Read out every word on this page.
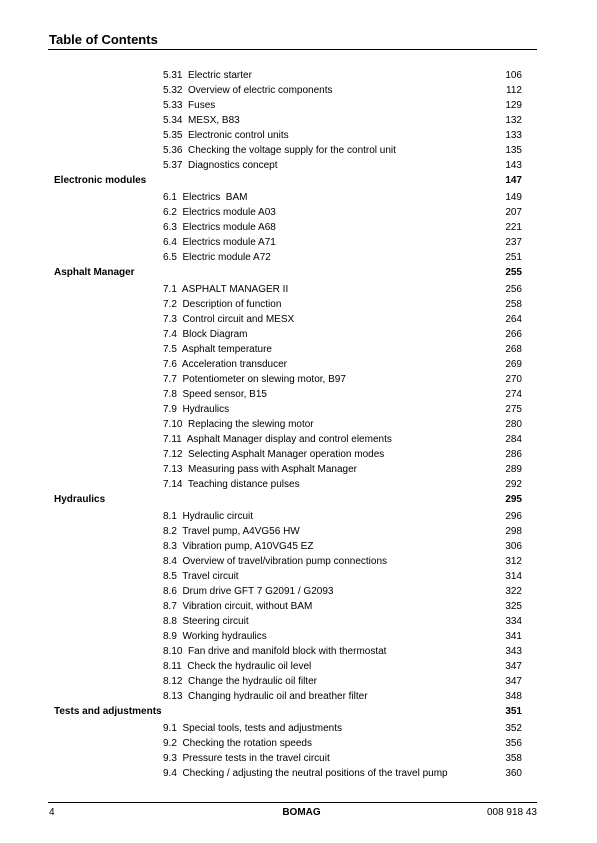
Table of Contents
5.31  Electric starter	106
5.32  Overview of electric components	112
5.33  Fuses	129
5.34  MESX, B83	132
5.35  Electronic control units	133
5.36  Checking the voltage supply for the control unit	135
5.37  Diagnostics concept	143
Electronic modules	147
6.1  Electrics  BAM	149
6.2  Electrics module A03	207
6.3  Electrics module A68	221
6.4  Electrics module A71	237
6.5  Electric module A72	251
Asphalt Manager	255
7.1  ASPHALT MANAGER II	256
7.2  Description of function	258
7.3  Control circuit and MESX	264
7.4  Block Diagram	266
7.5  Asphalt temperature	268
7.6  Acceleration transducer	269
7.7  Potentiometer on slewing motor, B97	270
7.8  Speed sensor, B15	274
7.9  Hydraulics	275
7.10  Replacing the slewing motor	280
7.11  Asphalt Manager display and control elements	284
7.12  Selecting Asphalt Manager operation modes	286
7.13  Measuring pass with Asphalt Manager	289
7.14  Teaching distance pulses	292
Hydraulics	295
8.1  Hydraulic circuit	296
8.2  Travel pump, A4VG56 HW	298
8.3  Vibration pump, A10VG45 EZ	306
8.4  Overview of travel/vibration pump connections	312
8.5  Travel circuit	314
8.6  Drum drive GFT 7 G2091 / G2093	322
8.7  Vibration circuit, without BAM	325
8.8  Steering circuit	334
8.9  Working hydraulics	341
8.10  Fan drive and manifold block with thermostat	343
8.11  Check the hydraulic oil level	347
8.12  Change the hydraulic oil filter	347
8.13  Changing hydraulic oil and breather filter	348
Tests and adjustments	351
9.1  Special tools, tests and adjustments	352
9.2  Checking the rotation speeds	356
9.3  Pressure tests in the travel circuit	358
9.4  Checking / adjusting the neutral positions of the travel pump	360
4	BOMAG	008 918 43
